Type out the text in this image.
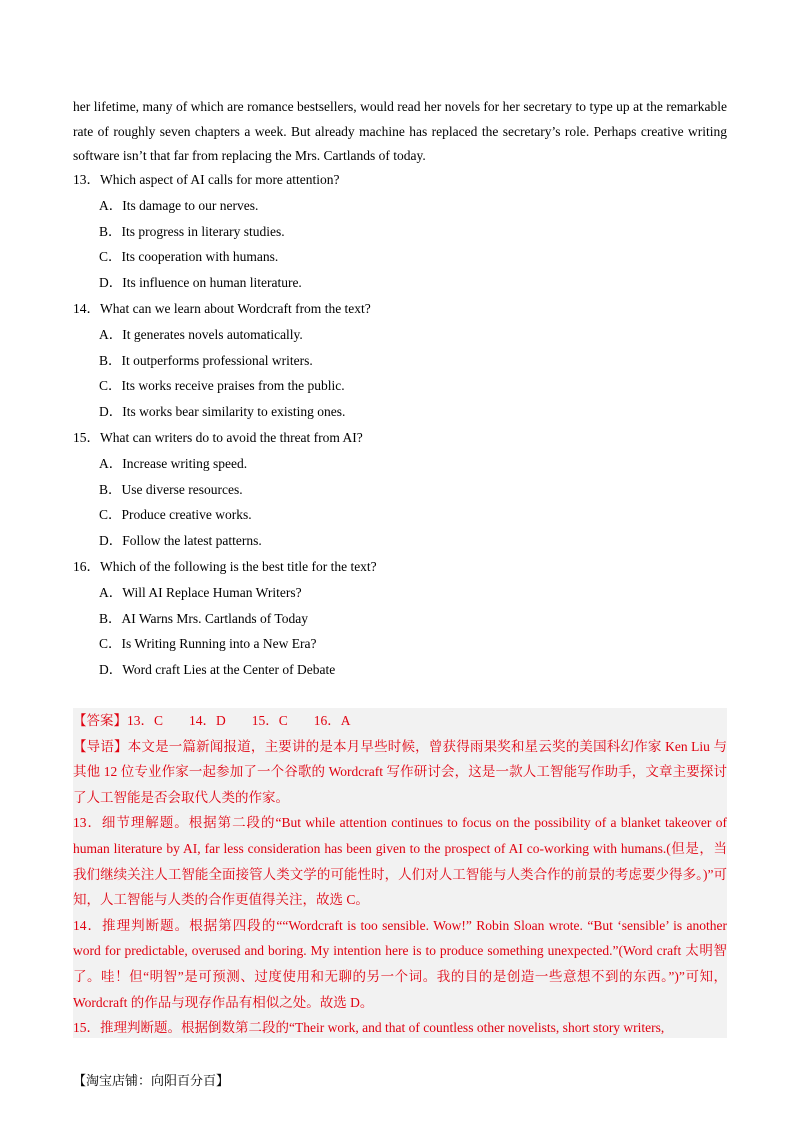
her lifetime, many of which are romance bestsellers, would read her novels for her secretary to type up at the remarkable rate of roughly seven chapters a week. But already machine has replaced the secretary’s role. Perhaps creative writing software isn’t that far from replacing the Mrs. Cartlands of today.
13．Which aspect of AI calls for more attention?
A．Its damage to our nerves.
B．Its progress in literary studies.
C．Its cooperation with humans.
D．Its influence on human literature.
14．What can we learn about Wordcraft from the text?
A．It generates novels automatically.
B．It outperforms professional writers.
C．Its works receive praises from the public.
D．Its works bear similarity to existing ones.
15．What can writers do to avoid the threat from AI?
A．Increase writing speed.
B．Use diverse resources.
C．Produce creative works.
D．Follow the latest patterns.
16．Which of the following is the best title for the text?
A．Will AI Replace Human Writers?
B．AI Warns Mrs. Cartlands of Today
C．Is Writing Running into a New Era?
D．Word craft Lies at the Center of Debate
【答案】13．C 14．D 15．C 16．A
【导语】本文是一篇新闻报道，主要讲的是本月早些时候，曾获得雨果奖和星云奖的美国科幻作家 Ken Liu 与其他 12 位专业作家一起参加了一个谷歌的 Wordcraft 写作研讨会，这是一款人工智能写作助手，文章主要探讨了人工智能是否会取代人类的作家。
13．细节理解题。根据第二段的“But while attention continues to focus on the possibility of a blanket takeover of human literature by AI, far less consideration has been given to the prospect of AI co-working with humans.(但是，当我们继续关注人工智能全面接管人类文学的可能性时，人们对人工智能与人类合作的前景的考虑要少得多。)”可知，人工智能与人类的合作更值得关注，故选 C。
14．推理判断题。根据第四段的““Wordcraft is too sensible. Wow!” Robin Sloan wrote. “But ‘sensible’ is another word for predictable, overused and boring. My intention here is to produce something unexpected.”(Word craft 太明智了。哇！但“明智”是可预测、过度使用和无聊的另一个词。我的目的是创造一些意想不到的东西。”)”可知，Wordcraft 的作品与现存作品有相似之处。故选 D。
15．推理判断题。根据倒数第二段的“Their work, and that of countless other novelists, short story writers,
【淘宝店铺：向阳百分百】
